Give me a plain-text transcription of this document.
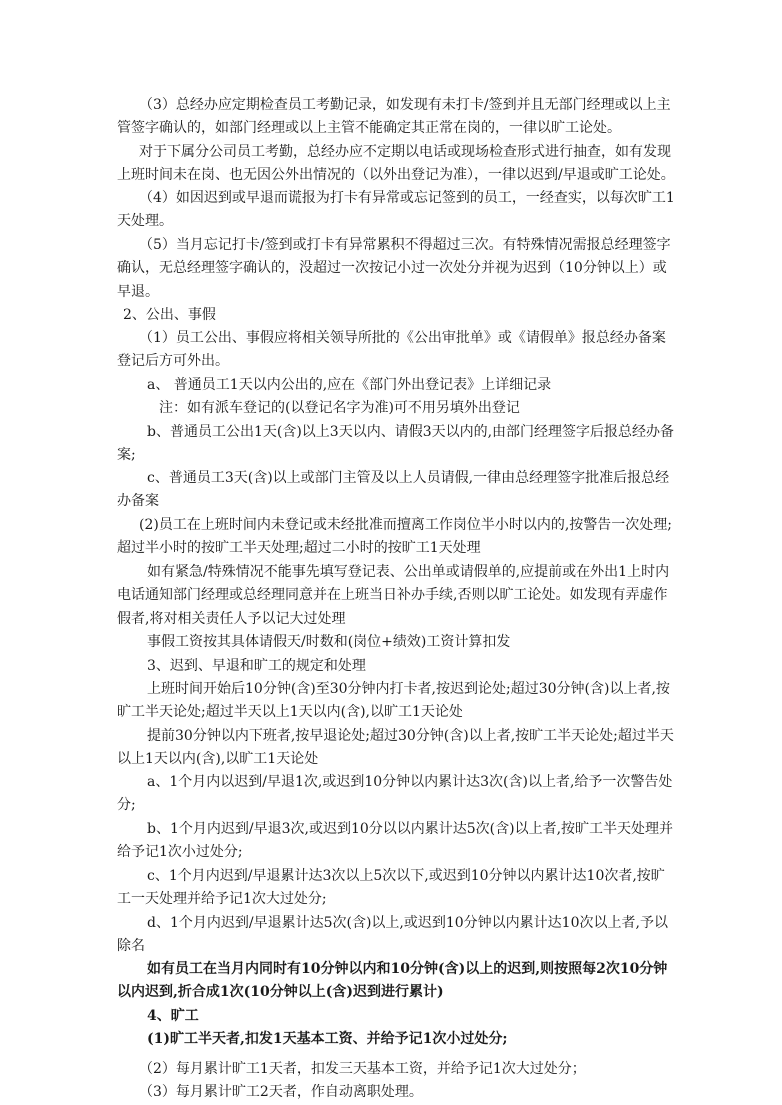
（3）总经办应定期检查员工考勤记录，如发现有未打卡/签到并且无部门经理或以上主管签字确认的，如部门经理或以上主管不能确定其正常在岗的，一律以旷工论处。

对于下属分公司员工考勤，总经办应不定期以电话或现场检查形式进行抽查，如有发现上班时间未在岗、也无因公外出情况的（以外出登记为准），一律以迟到/早退或旷工论处。

（4）如因迟到或早退而谎报为打卡有异常或忘记签到的员工，一经查实，以每次旷工1天处理。

（5）当月忘记打卡/签到或打卡有异常累积不得超过三次。有特殊情况需报总经理签字确认，无总经理签字确认的，没超过一次按记小过一次处分并视为迟到（10分钟以上）或早退。

2、公出、事假

（1）员工公出、事假应将相关领导所批的《公出审批单》或《请假单》报总经办备案登记后方可外出。

a、 普通员工1天以内公出的,应在《部门外出登记表》上详细记录

注：如有派车登记的(以登记名字为准)可不用另填外出登记

b、普通员工公出1天(含)以上3天以内、请假3天以内的,由部门经理签字后报总经办备案;

c、普通员工3天(含)以上或部门主管及以上人员请假,一律由总经理签字批准后报总经办备案

(2)员工在上班时间内未登记或未经批准而擅离工作岗位半小时以内的,按警告一次处理;超过半小时的按旷工半天处理;超过二小时的按旷工1天处理

如有紧急/特殊情况不能事先填写登记表、公出单或请假单的,应提前或在外出1上时内电话通知部门经理或总经理同意并在上班当日补办手续,否则以旷工论处。如发现有弄虚作假者,将对相关责任人予以记大过处理

事假工资按其具体请假天/时数和(岗位+绩效)工资计算扣发

3、迟到、早退和旷工的规定和处理

上班时间开始后10分钟(含)至30分钟内打卡者,按迟到论处;超过30分钟(含)以上者,按旷工半天论处;超过半天以上1天以内(含),以旷工1天论处

提前30分钟以内下班者,按早退论处;超过30分钟(含)以上者,按旷工半天论处;超过半天以上1天以内(含),以旷工1天论处

a、1个月内以迟到/早退1次,或迟到10分钟以内累计达3次(含)以上者,给予一次警告处分;

b、1个月内迟到/早退3次,或迟到10分以以内累计达5次(含)以上者,按旷工半天处理并给予记1次小过处分;

c、1个月内迟到/早退累计达3次以上5次以下,或迟到10分钟以内累计达10次者,按旷工一天处理并给予记1次大过处分;

d、1个月内迟到/早退累计达5次(含)以上,或迟到10分钟以内累计达10次以上者,予以除名

如有员工在当月内同时有10分钟以内和10分钟(含)以上的迟到,则按照每2次10分钟以内迟到,折合成1次(10分钟以上(含)迟到进行累计)

4、旷工

(1)旷工半天者,扣发1天基本工资、并给予记1次小过处分;

（2）每月累计旷工1天者，扣发三天基本工资，并给予记1次大过处分；

（3）每月累计旷工2天者，作自动离职处理。
